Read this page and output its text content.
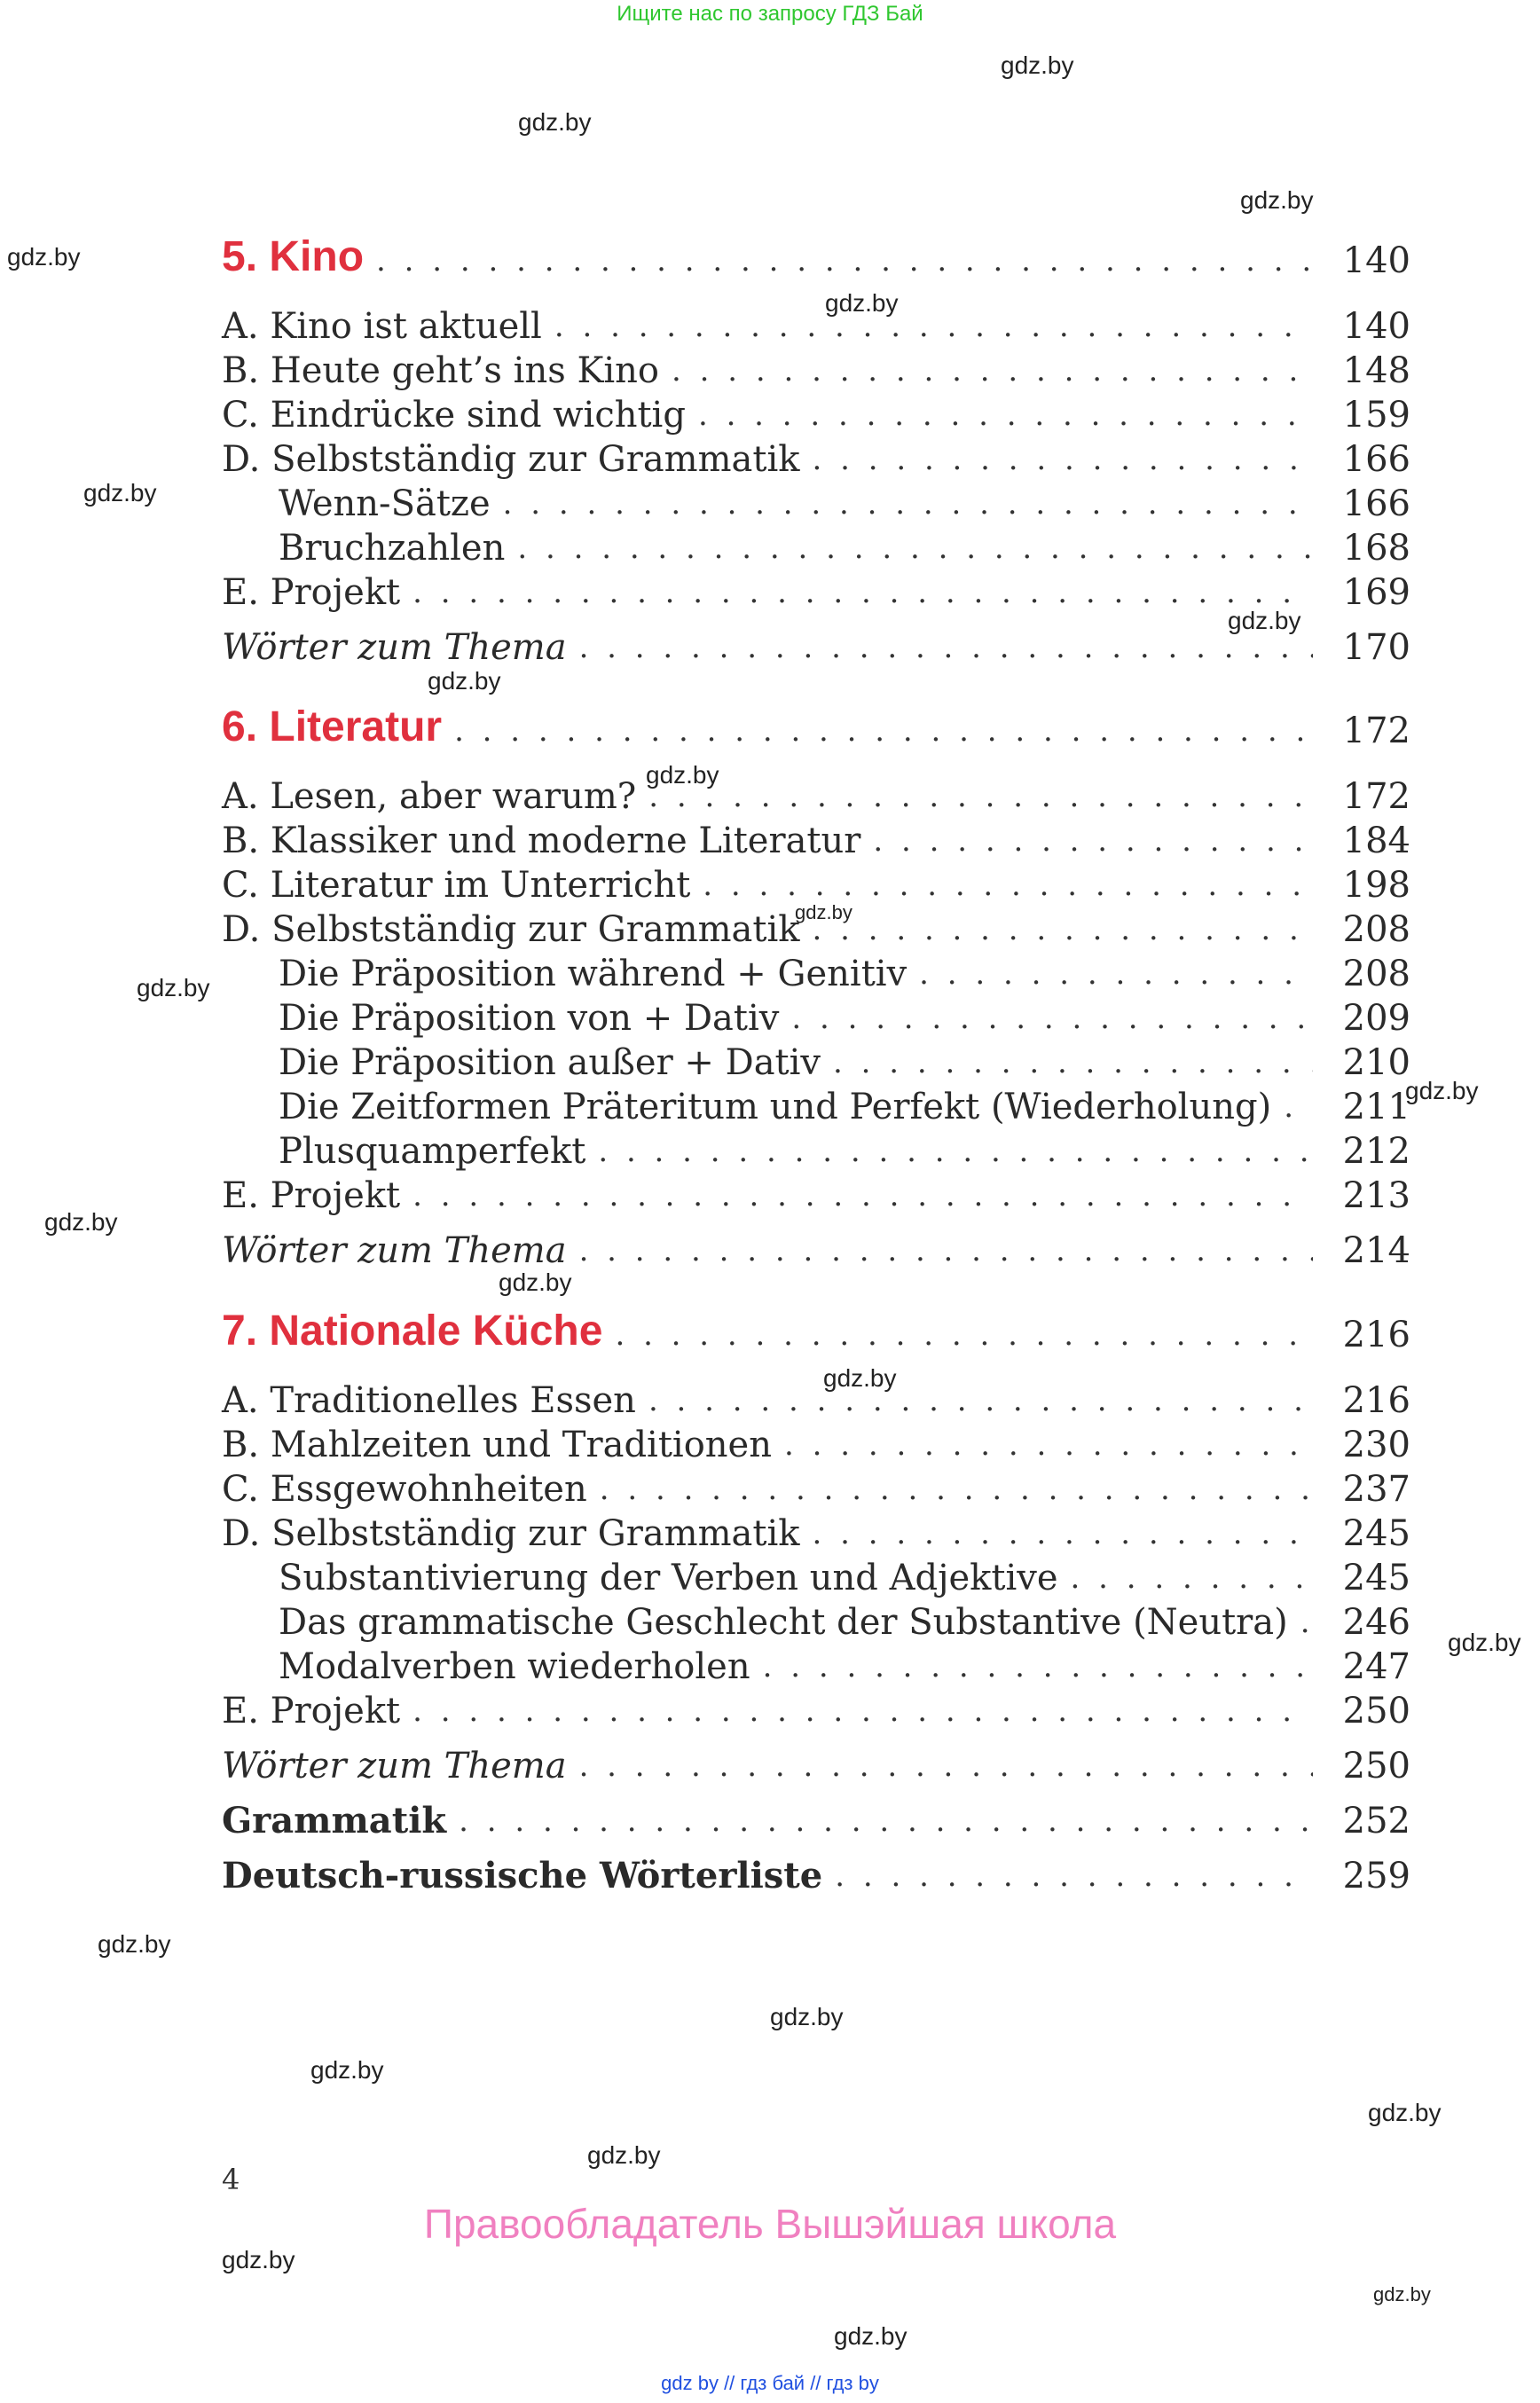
Ищите нас по запросу ГДЗ Бай
5. Kino . . .	140
A. Kino ist aktuell . . .	140
B. Heute geht’s ins Kino . . .	148
C. Eindrücke sind wichtig . . .	159
D. Selbstständig zur Grammatik . . .	166
Wenn-Sätze . . .	166
Bruchzahlen . . .	168
E. Projekt . . .	169
Wörter zum Thema . . .	170
6. Literatur . . .	172
A. Lesen, aber warum? . . .	172
B. Klassiker und moderne Literatur . . .	184
C. Literatur im Unterricht . . .	198
D. Selbstständig zur Grammatik . . .	208
Die Präposition während + Genitiv . . .	208
Die Präposition von + Dativ . . .	209
Die Präposition außer + Dativ . . .	210
Die Zeitformen Präteritum und Perfekt (Wiederholung) . . .	211
Plusquamperfekt . . .	212
E. Projekt . . .	213
Wörter zum Thema . . .	214
7. Nationale Küche . . .	216
A. Traditionelles Essen . . .	216
B. Mahlzeiten und Traditionen . . .	230
C. Essgewohnheiten . . .	237
D. Selbstständig zur Grammatik . . .	245
Substantivierung der Verben und Adjektive . . .	245
Das grammatische Geschlecht der Substantive (Neutra) . . .	246
Modalverben wiederholen . . .	247
E. Projekt . . .	250
Wörter zum Thema . . .	250
Grammatik . . .	252
Deutsch-russische Wörterliste . . .	259
4
Правообладатель Вышэйшая школа
gdz.by
gdz.by
gdz.by
gdz.by
gdz.by
gdz.by
gdz.by
gdz.by
gdz.by
gdz.by
gdz.by
gdz.by
gdz.by
gdz.by
gdz.by
gdz.by
gdz.by
gdz.by
gdz.by
gdz.by
gdz.by
gdz.by
gdz.by
gdz.by
gdz by // гдз бай // гдз by
